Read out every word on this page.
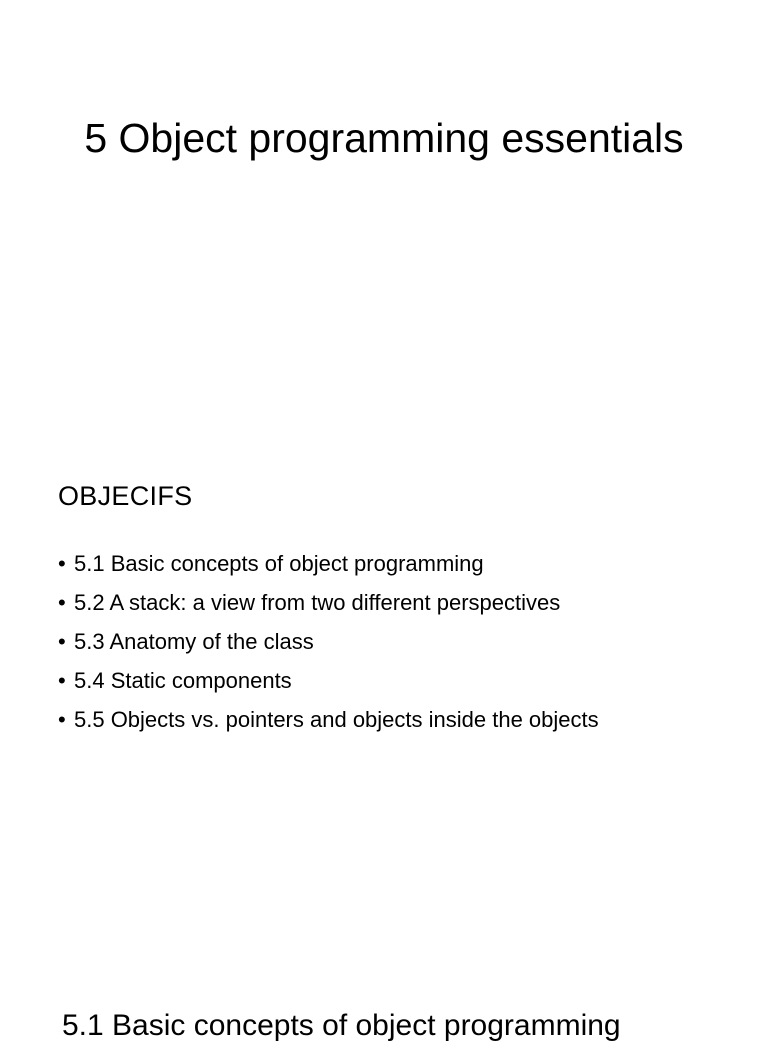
5 Object programming essentials
OBJECIFS
• 5.1 Basic concepts of object programming
• 5.2 A stack: a view from two different perspectives
• 5.3 Anatomy of the class
• 5.4 Static components
• 5.5 Objects vs. pointers and objects inside the objects
5.1 Basic concepts of object programming
